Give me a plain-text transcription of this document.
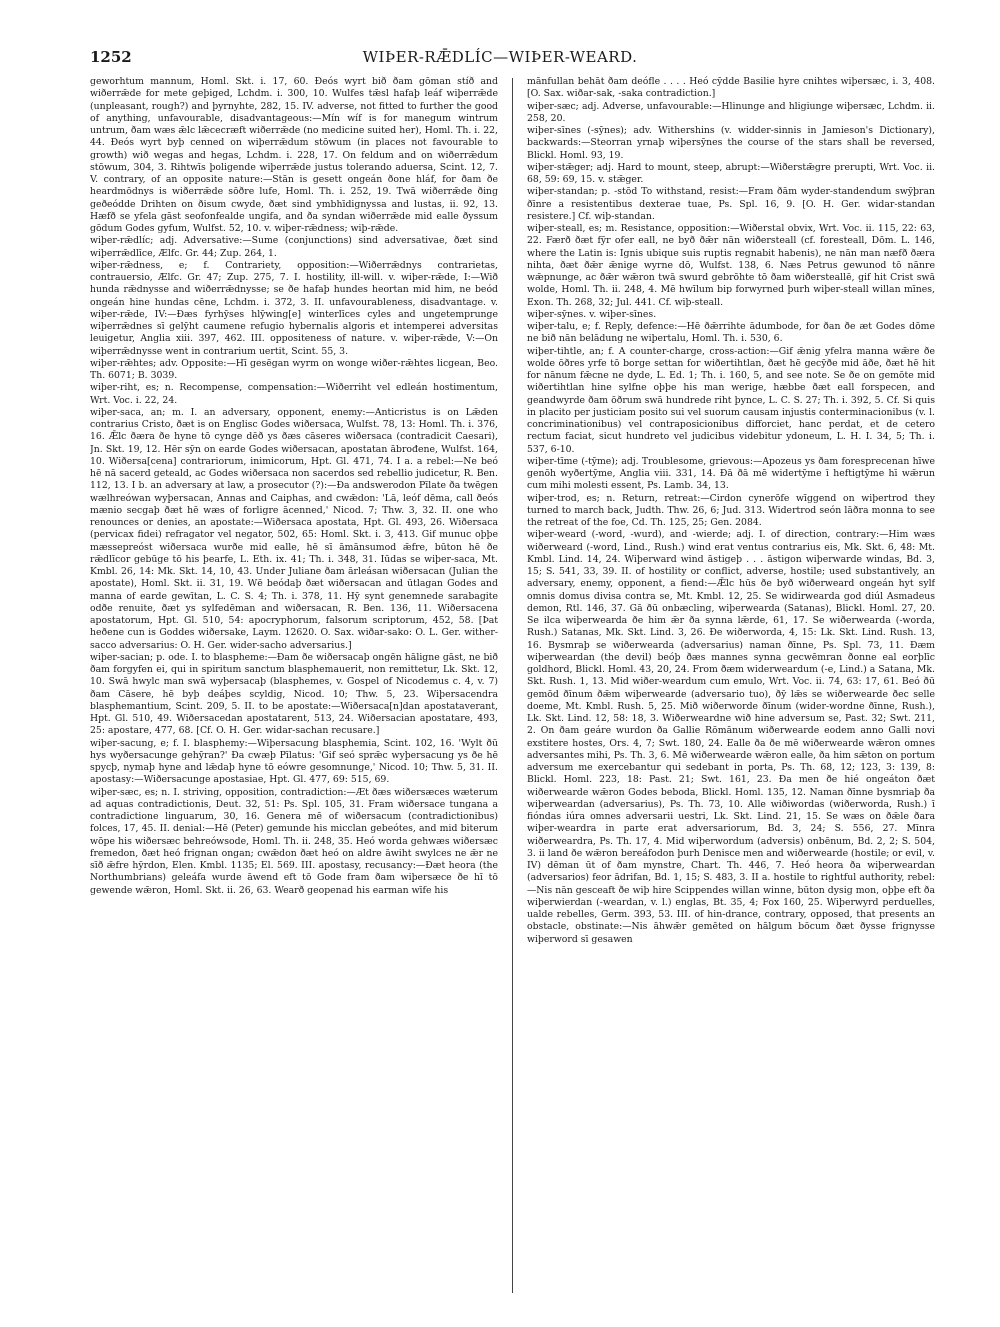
1252	WIÞER-RǢDLÍC—WIÞER-WEARD.

geworhtum mannum, Homl. Skt. i. 17, 60. Ðeós wyrt bið ðam gōman stíð and wiðerrǣde for mete geþiged, Lchdm. i. 300, 10. Wulfes tǣsl hafaþ leáf wiþerrǣde (unpleasant, rough?) and þyrnyhte, 282, 15. IV. adverse, not fitted to further the good of anything, unfavourable, disadvantageous:—Mín wíf is for manegum wintrum untrum, ðam wæs ǣlc lǣcecræft wiðerrǣde (no medicine suited her), Homl. Th. i. 22, 44. Ðeós wyrt byþ cenned on wiþerrǣdum stōwum (in places not favourable to growth) wið wegas and hegas, Lchdm. i. 228, 17. On feldum and on wiðerrǣdum stōwum, 304, 3. Rihtwīs þoligende wiþerrǣde justus tolerando aduersa, Scint. 12, 7. V. contrary, of an opposite nature:—Stān is gesett ongeán ðone hláf, for ðam ðe heardmōdnys is wiðerrǣde sōðre lufe, Homl. Th. i. 252, 19. Twā wiðerrǣde ðing geðeódde Drihten on ðisum cwyde, ðæt sind ymbhīdignyssa and lustas, ii. 92, 13. Hæfð se yfela gāst seofonfealde ungifa, and ða syndan wiðerrǣde mid ealle ðyssum gōdum Godes gyfum, Wulfst. 52, 10. v. wiþer-rǣdness; wiþ-rǣde.

wiþer-rǣdlíc; adj. Adversative:—Sume (conjunctions) sind adversativae, ðæt sind wiþerrǣdlīce, Ælfc. Gr. 44; Zup. 264, 1.

wiþer-rǣdness, e; f. Contrariety, opposition:—Wiðerrǣdnys contrarietas, contrauersio, Ælfc. Gr. 47; Zup. 275, 7. I. hostility, ill-will. v. wiþer-rǣde, I:—Wið hunda rǣdnysse and wiðerrǣdnysse; se ðe hafaþ hundes heortan mid him, ne beód ongeán hine hundas cēne, Lchdm. i. 372, 3. II. unfavourableness, disadvantage. v. wiþer-rǣde, IV:—Ðæs fyrhȳses hlȳwing[e] winterlīces cyles and ungetemprunge wiþerrǣdnes sī gelȳht caumene refugio hybernalis algoris et intemperei adversitas leuigetur, Anglia xiii. 397, 462. III. oppositeness of nature. v. wiþer-rǣde, V:—On wiþerrǣdnysse went in contrarium uertit, Scint. 55, 3.

wiþer-rǣhtes; adv. Opposite:—Hī gesēgan wyrm on wonge wiðer-rǣhtes licgean, Beo. Th. 6071; B. 3039.

wiþer-riht, es; n. Recompense, compensation:—Wiðerriht vel edleán hostimentum, Wrt. Voc. i. 22, 24.

wiþer-saca, an; m. I. an adversary, opponent, enemy:—Anticristus is on Lǣden contrarius Cristo, ðæt is on Englisc Godes wiðersaca, Wulfst. 78, 13: Homl. Th. i. 376, 16. Ǣlc ðæra ðe hyne tō cynge dēð ys ðæs cāseres wiðersaca (contradicit Caesari), Jn. Skt. 19, 12. Hēr sȳn on earde Godes wiðersacan, apostatan ābrođene, Wulfst. 164, 10. Wiðersa[cena] contrariorum, inimicorum, Hpt. Gl. 471, 74. I a. a rebel:—Ne beó hē nā sacerd geteald, ac Godes wiðersaca non sacerdos sed rebellio judicetur, R. Ben. 112, 13. I b. an adversary at law, a prosecutor (?):—Ða andswerodon Pīlate ða twēgen wælhreówan wyþersacan, Annas and Caiphas, and cwǣdon: 'Lā, leóf dēma, call ðeós mænio secgaþ ðæt hē wæs of forligre ācenned,' Nicod. 7; Thw. 3, 32. II. one who renounces or denies, an apostate:—Wiðersaca apostata, Hpt. Gl. 493, 26. Wiðersaca (pervicax fidei) refragator vel negator, 502, 65: Homl. Skt. i. 3, 413. Gif munuc oþþe mæssepreóst wiðersaca wurðe mid ealle, hē sī āmānsumod ǣfre, būton hē ðe rǣdlīcor gebūge tō his þearfe, L. Eth. ix. 41; Th. i. 348, 31. Iūdas se wiþer-saca, Mt. Kmbl. 26, 14: Mk. Skt. 14, 10, 43. Under Juliane ðam ārleásan wiðersacan (Julian the apostate), Homl. Skt. ii. 31, 19. Wē beódaþ ðæt wiðersacan and ūtlagan Godes and manna of earde gewītan, L. C. S. 4; Th. i. 378, 11. Hȳ synt genemnede sarabagite odðe renuite, ðæt ys sylfedēman and wiðersacan, R. Ben. 136, 11. Wiðersacena apostatorum, Hpt. Gl. 510, 54: apocryphorum, falsorum scriptorum, 452, 58. [Þat heðene cun is Goddes wiðersake, Laym. 12620. O. Sax. wiðar-sako: O. L. Ger. wither-sacco adversarius: O. H. Ger. wider-sacho adversarius.]

wiþer-sacian; p. ode. I. to blaspheme:—Ðam ðe wiðersacaþ ongēn hāligne gāst, ne bið ðam forgyfen ei, qui in spiritum sanctum blasphemauerit, non remittetur, Lk. Skt. 12, 10. Swā hwylc man swā wyþersacaþ (blasphemes, v. Gospel of Nicodemus c. 4, v. 7) ðam Cāsere, hē byþ deáþes scyldig, Nicod. 10; Thw. 5, 23. Wiþersacendra blasphemantium, Scint. 209, 5. II. to be apostate:—Wiðersaca[n]dan apostataverant, Hpt. Gl. 510, 49. Wiðersacedan apostatarent, 513, 24. Wiðersacian apostatare, 493, 25: apostare, 477, 68. [Cf. O. H. Ger. widar-sachan recusare.]

wiþer-sacung, e; f. I. blasphemy:—Wiþersacung blasphemia, Scint. 102, 16. 'Wylt ðū hys wyðersacunge gehȳran?' Ða cwæþ Pīlatus: 'Gif seó sprǣc wyþersacung ys ðe hē spycþ, nymaþ hyne and lǣdaþ hyne tō eówre gesomnunge,' Nicod. 10; Thw. 5, 31. II. apostasy:—Wiðersacunge apostasiae, Hpt. Gl. 477, 69: 515, 69.

wiþer-sæc, es; n. I. striving, opposition, contradiction:—Æt ðæs wiðersæces wæterum ad aquas contradictionis, Deut. 32, 51: Ps. Spl. 105, 31. Fram wiðersace tungana a contradictione linguarum, 30, 16. Genera mē of wiðersacum (contradictionibus) folces, 17, 45. II. denial:—Hē (Peter) gemunde his micclan gebeótes, and mid biterum wōpe his wiðersæc behreówsode, Homl. Th. ii. 248, 35. Heó worda gehwæs wiðersæc fremedon, ðæt heó frignan ongan; cwǣdon ðæt heó on aldre āwiht swylces ne ǣr ne sīð ǣfre hȳrdon, Elen. Kmbl. 1135; El. 569. III. apostasy, recusancy:—Ðæt heora (the Northumbrians) geleáfa wurde āwend eft tō Gode fram ðam wiþersæce ðe hī tō gewende wǣron, Homl. Skt. ii. 26, 63. Wearð geopenad his earman wīfe his

mānfullan behāt ðam deófle . . . . Heó cȳdde Basilie hyre cnihtes wiþersæc, i. 3, 408. [O. Sax. wiðar-sak, -saka contradiction.]

wiþer-sæc; adj. Adverse, unfavourable:—Hlinunge and hligiunge wiþersæc, Lchdm. ii. 258, 20.

wiþer-sīnes (-sȳnes); adv. Withershins (v. widder-sinnis in Jamieson's Dictionary), backwards:—Steorran yrnaþ wiþersȳnes the course of the stars shall be reversed, Blickl. Homl. 93, 19.

wiþer-stǣger; adj. Hard to mount, steep, abrupt:—Wiðerstǣgre prerupti, Wrt. Voc. ii. 68, 59: 69, 15. v. stǣger.

wiþer-standan; p. -stōd To withstand, resist:—Fram ðām wyder-standendum swȳþran ðīnre a resistentibus dexterae tuae, Ps. Spl. 16, 9. [O. H. Ger. widar-standan resistere.] Cf. wiþ-standan.

wiþer-steall, es; m. Resistance, opposition:—Wiðerstal obvix, Wrt. Voc. ii. 115, 22: 63, 22. Færð ðæt fȳr ofer eall, ne byð ðǣr nān wiðersteall (cf. foresteall, Dōm. L. 146, where the Latin is: Ignis ubique suis ruptis regnabit habenis), ne nān man næfð ðæra nihta, ðæt ðǣr ǣnige wyrne dō, Wulfst. 138, 6. Næs Petrus gewunod tō nānre wǣpnunge, ac ðǣr wǣron twā swurd gebrōhte tō ðam wiðersteallē, gif hit Crist swā wolde, Homl. Th. ii. 248, 4. Mē hwīlum bip forwyrned þurh wiþer-steall willan mīnes, Exon. Th. 268, 32; Jul. 441. Cf. wiþ-steall.

wiþer-sȳnes. v. wiþer-sīnes.

wiþer-talu, e; f. Reply, defence:—Hē ðǣrrihte ādumbode, for ðan ðe æt Godes dōme ne bið nān belādung ne wiþertalu, Homl. Th. i. 530, 6.

wiþer-tihtle, an; f. A counter-charge, cross-action:—Gif ǣnig yfelra manna wǣre ðe wolde ōðres yrfe tō borge settan for wiðertihtlan, ðæt hē gecȳðe mid āðe, ðæt hē hit for nānum fǣcne ne dyde, L. Ed. 1; Th. i. 160, 5, and see note. Se ðe on gemōte mid wiðertihtlan hine sylfne oþþe his man werige, hæbbe ðæt eall forspecen, and geandwyrde ðam ōðrum swā hundrede riht þynce, L. C. S. 27; Th. i. 392, 5. Cf. Si quis in placito per justiciam posito sui vel suorum causam injustis conterminacionibus (v. l. concriminationibus) vel contraposicionibus difforciet, hanc perdat, et de cetero rectum faciat, sicut hundreto vel judicibus videbitur ydoneum, L. H. I. 34, 5; Th. i. 537, 6-10.

wiþer-tīme (-tȳme); adj. Troublesome, grievous:—Apozeus ys ðam foresprecenan hīwe genōh wyðertȳme, Anglia viii. 331, 14. Ðā ðā mē widertȳme ī heftigtȳme hī wǣrun cum mihi molesti essent, Ps. Lamb. 34, 13.

wiþer-trod, es; n. Return, retreat:—Cirdon cynerōfe wīggend on wiþertrod they turned to march back, Judth. Thw. 26, 6; Jud. 313. Widertrod seón lāðra monna to see the retreat of the foe, Cd. Th. 125, 25; Gen. 2084.

wiþer-weard (-word, -wurd), and -wierde; adj. I. of direction, contrary:—Him wæs wiðerweard (-word, Lind., Rush.) wind erat ventus contrarius eis, Mk. Skt. 6, 48: Mt. Kmbl. Lind. 14, 24. Wiþerward wind āstigeþ . . . āstigon wiþerwarde windas, Bd. 3, 15; S. 541, 33, 39. II. of hostility or conflict, adverse, hostile; used substantively, an adversary, enemy, opponent, a fiend:—Ǣlc hūs ðe byð wiðerweard ongeán hyt sylf omnis domus divisa contra se, Mt. Kmbl. 12, 25. Se widirwearda god diúl Asmadeus demon, Rtl. 146, 37. Gā ðū onbæcling, wiþerwearda (Satanas), Blickl. Homl. 27, 20. Se ilca wiþerwearda ðe him ǣr ða synna lǣrde, 61, 17. Se wiðerwearda (-worda, Rush.) Satanas, Mk. Skt. Lind. 3, 26. Ðe wiðerworda, 4, 15: Lk. Skt. Lind. Rush. 13, 16. Bysmraþ se wiðerwearda (adversarius) naman ðīnne, Ps. Spl. 73, 11. Ðæm wiþerweardan (the devil) beóþ ðæs mannes synna gecwēmran ðonne eal eorþlīc goldhord, Blickl. Homl. 43, 20, 24. From ðæm widerweardum (-e, Lind.) a Satana, Mk. Skt. Rush. 1, 13. Mid wiðer-weardum cum emulo, Wrt. Voc. ii. 74, 63: 17, 61. Beó ðū gemōd ðīnum ðǣm wiþerwearde (adversario tuo), ðȳ lǣs se wiðerwearde ðec selle doeme, Mt. Kmbl. Rush. 5, 25. Mið wiðerworde ðīnum (wider-wordne ðīnne, Rush.), Lk. Skt. Lind. 12, 58: 18, 3. Wiðerweardne wið hine adversum se, Past. 32; Swt. 211, 2. On ðam geáre wurdon ða Gallie Rōmānum wiðerwearde eodem anno Galli novi exstitere hostes, Ors. 4, 7; Swt. 180, 24. Ealle ða ðe mē wiðerwearde wǣron omnes adversantes mihi, Ps. Th. 3, 6. Mē wiðerwearde wǣron ealle, ða him sǣton on portum adversum me exercebantur qui sedebant in porta, Ps. Th. 68, 12; 123, 3: 139, 8: Blickl. Homl. 223, 18: Past. 21; Swt. 161, 23. Ða men ðe hié ongeáton ðæt wiðerwearde wǣron Godes beboda, Blickl. Homl. 135, 12. Naman ðīnne bysmriaþ ða wiþerweardan (adversarius), Ps. Th. 73, 10. Alle wiðiwordas (wiðerworda, Rush.) ī fióndas iúra omnes adversarii uestri, Lk. Skt. Lind. 21, 15. Se wæs on ðǣle ðara wiþer-weardra in parte erat adversariorum, Bd. 3, 24; S. 556, 27. Mīnra wiðerweardra, Ps. Th. 17, 4. Mid wiþerwordum (adversis) onbēnum, Bd. 2, 2; S. 504, 3. ii land ðe wǣron bereáfodon þurh Denisce men and wiðerwearde (hostile; or evil, v. IV) dēman ūt of ðam mynstre, Chart. Th. 446, 7. Heó heora ða wiþerweardan (adversarios) feor ādrifan, Bd. 1, 15; S. 483, 3. II a. hostile to rightful authority, rebel:—Nis nān gesceaft ðe wiþ hire Scippendes willan winne, būton dysig mon, oþþe eft ða wiþerwierdan (-weardan, v. l.) englas, Bt. 35, 4; Fox 160, 25. Wiþerwyrd perduelles, ualde rebelles, Germ. 393, 53. III. of hin-drance, contrary, opposed, that presents an obstacle, obstinate:—Nis āhwǣr gemēted on hālgum bōcum ðæt ðysse frignysse wiþerword sī gesawen
